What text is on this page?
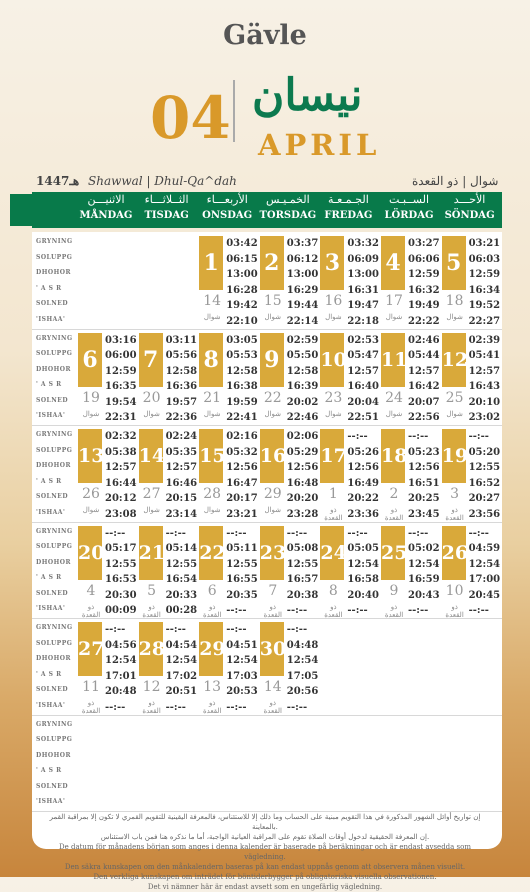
Gävle
04 نيسان
APRIL
1447هـ Shawwal | Dhul-Qa^dah	شوال | ذو القعدة
الاثنيـــن
MÅNDAG
الثــلاثـــاء
TISDAG
الأربعـــاء
ONSDAG
الخمـيـس
TORSDAG
الجـمـعـة
FREDAG
الســبـت
LÖRDAG
الأحـــد
SÖNDAG
GRYNING
SOLUPPG
DHOHOR
' A S R
SOLNED
'ISHAA'
1
03:42
06:15
13:00
16:28
19:42
22:10
14
شوال
2
03:37
06:12
13:00
16:29
19:44
22:14
15
شوال
3
03:32
06:09
13:00
16:31
19:47
22:18
16
شوال
4
03:27
06:06
12:59
16:32
19:49
22:22
17
شوال
5
03:21
06:03
12:59
16:34
19:52
22:27
18
شوال
GRYNING
SOLUPPG
DHOHOR
' A S R
SOLNED
'ISHAA'
6
03:16
06:00
12:59
16:35
19:54
22:31
19
شوال
7
03:11
05:56
12:58
16:36
19:57
22:36
20
شوال
8
03:05
05:53
12:58
16:38
19:59
22:41
21
شوال
9
02:59
05:50
12:58
16:39
20:02
22:46
22
شوال
10
02:53
05:47
12:57
16:40
20:04
22:51
23
شوال
11
02:46
05:44
12:57
16:42
20:07
22:56
24
شوال
12
02:39
05:41
12:57
16:43
20:10
23:02
25
شوال
GRYNING
SOLUPPG
DHOHOR
' A S R
SOLNED
'ISHAA'
13
02:32
05:38
12:57
16:44
20:12
23:08
26
شوال
14
02:24
05:35
12:57
16:46
20:15
23:14
27
شوال
15
02:16
05:32
12:56
16:47
20:17
23:21
28
شوال
16
02:06
05:29
12:56
16:48
20:20
23:28
29
شوال
17
--:--
05:26
12:56
16:49
20:22
23:36
1
ذو القعدة
18
--:--
05:23
12:56
16:51
20:25
23:45
2
ذو القعدة
19
--:--
05:20
12:55
16:52
20:27
23:56
3
ذو القعدة
GRYNING
SOLUPPG
DHOHOR
' A S R
SOLNED
'ISHAA'
20
--:--
05:17
12:55
16:53
20:30
00:09
4
ذو القعدة
21
--:--
05:14
12:55
16:54
20:33
00:28
5
ذو القعدة
22
--:--
05:11
12:55
16:55
20:35
--:--
6
ذو القعدة
23
--:--
05:08
12:55
16:57
20:38
--:--
7
ذو القعدة
24
--:--
05:05
12:54
16:58
20:40
--:--
8
ذو القعدة
25
--:--
05:02
12:54
16:59
20:43
--:--
9
ذو القعدة
26
--:--
04:59
12:54
17:00
20:45
--:--
10
ذو القعدة
GRYNING
SOLUPPG
DHOHOR
' A S R
SOLNED
'ISHAA'
27
--:--
04:56
12:54
17:01
20:48
--:--
11
ذو القعدة
28
--:--
04:54
12:54
17:02
20:51
--:--
12
ذو القعدة
29
--:--
04:51
12:54
17:03
20:53
--:--
13
ذو القعدة
30
--:--
04:48
12:54
17:05
20:56
--:--
14
ذو القعدة
GRYNING
SOLUPPG
DHOHOR
' A S R
SOLNED
'ISHAA'
إن تواريخ أوائل الشهور المذكورة في هذا التقويم مبنية على الحساب وما ذلك إلا للاستئناس، فالمعرفة اليقينية للتقويم القمري لا تكون إلا بمراقبة القمر بالمعاينة.
إن المعرفة الحقيقية لدخول أوقات الصلاة تقوم على المراقبة العيانية الواجبة، أما ما نذكره هنا فمن باب الاستئناس.
De datum för månadens början som anges i denna kalender är baserade på beräkningar och är endast avsedda som vägledning.
Den säkra kunskapen om den månkalendern baseras på kan endast uppnås genom att observera månen visuellt.
Den verkliga kunskapen om inträdet för böntiderbygger på obligatoriska visuella observationen.
Det vi nämner här är endast avsett som en ungefärlig vägledning.
